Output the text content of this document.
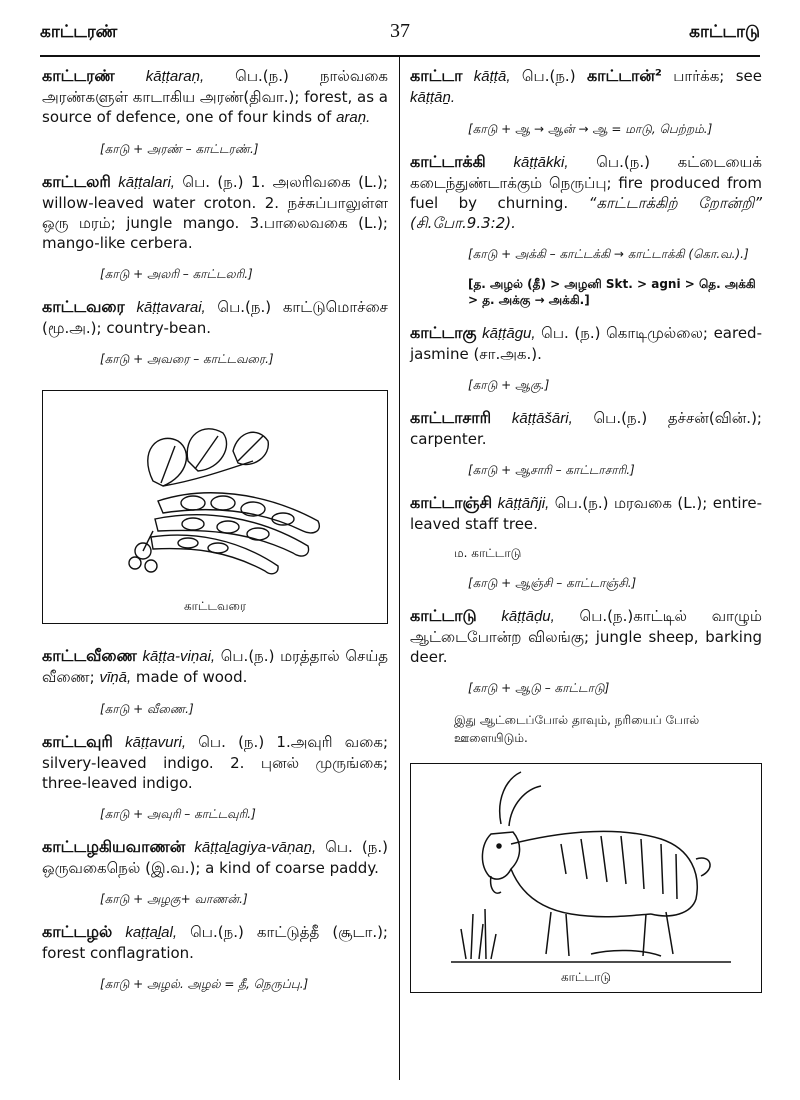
காட்டரண்	37	காட்டாடு

காட்டரண் kāṭṭaraṇ, பெ.(ந.) நால்வகை அரண்களுள் காடாகிய அரண்(திவா.); forest, as a source of defence, one of four kinds of araṇ.

[காடு + அரண் – காட்டரண்.]

காட்டலரி kāṭṭalari, பெ. (ந.) 1. அலரிவகை (L.); willow-leaved water croton. 2. நச்சுப்பாலுள்ள ஒரு மரம்; jungle mango. 3.பாலைவகை (L.); mango-like cerbera.

[காடு + அலரி – காட்டலரி.]

காட்டவரை kāṭṭavarai, பெ.(ந.) காட்டுமொச்சை (மூ.அ.); country-bean.

[காடு + அவரை – காட்டவரை.]
காட்டவரை

காட்டவீணை kāṭṭa-viṇai, பெ.(ந.) மரத்தால் செய்த வீணை; vīṇā, made of wood.

[காடு + வீணை.]

காட்டவுரி kāṭṭavuri, பெ. (ந.) 1.அவுரி வகை; silvery-leaved indigo. 2. புனல் முருங்கை; three-leaved indigo.

[காடு + அவுரி – காட்டவுரி.]

காட்டழகியவாணன் kāṭṭaḻagiya-vāṇaṉ, பெ. (ந.) ஒருவகைநெல் (இ.வ.); a kind of coarse paddy.

[காடு + அழகு+ வாணன்.]

காட்டழல் kaṭṭaḻal, பெ.(ந.) காட்டுத்தீ (சூடா.); forest conflagration.

[காடு + அழல். அழல் = தீ, நெருப்பு.]

காட்டா kāṭṭā, பெ.(ந.) காட்டான்² பார்க்க; see kāṭṭāṉ.

[காடு + ஆ → ஆன் → ஆ = மாடு, பெற்றம்.]

காட்டாக்கி kāṭṭākki, பெ.(ந.) கட்டையைக் கடைந்துண்டாக்கும் நெருப்பு; fire produced from fuel by churning. “காட்டாக்கிற் றோன்றி” (சி.போ.9.3:2).

[காடு + அக்கி – காட்டக்கி → காட்டாக்கி (கொ.வ.).]
[த. அழல் (தீ) > அழனி Skt. > agni > தெ. அக்கி > த. அக்கு → அக்கி.]

காட்டாகு kāṭṭāgu, பெ. (ந.) கொடிமுல்லை; eared-jasmine (சா.அக.).

[காடு + ஆகு.]

காட்டாசாரி kāṭṭāšāri, பெ.(ந.) தச்சன்(வின்.); carpenter.

[காடு + ஆசாரி – காட்டாசாரி.]

காட்டாஞ்சி kāṭṭāñji, பெ.(ந.) மரவகை (L.); entire-leaved staff tree.

ம. காட்டாடு
[காடு + ஆஞ்சி – காட்டாஞ்சி.]

காட்டாடு kāṭṭāḍu, பெ.(ந.)காட்டில் வாழும் ஆட்டைபோன்ற விலங்கு; jungle sheep, barking deer.

[காடு + ஆடு – காட்டாடு]
இது ஆட்டைப்போல் தாவும், நரியைப் போல் ஊளையிடும்.
காட்டாடு
